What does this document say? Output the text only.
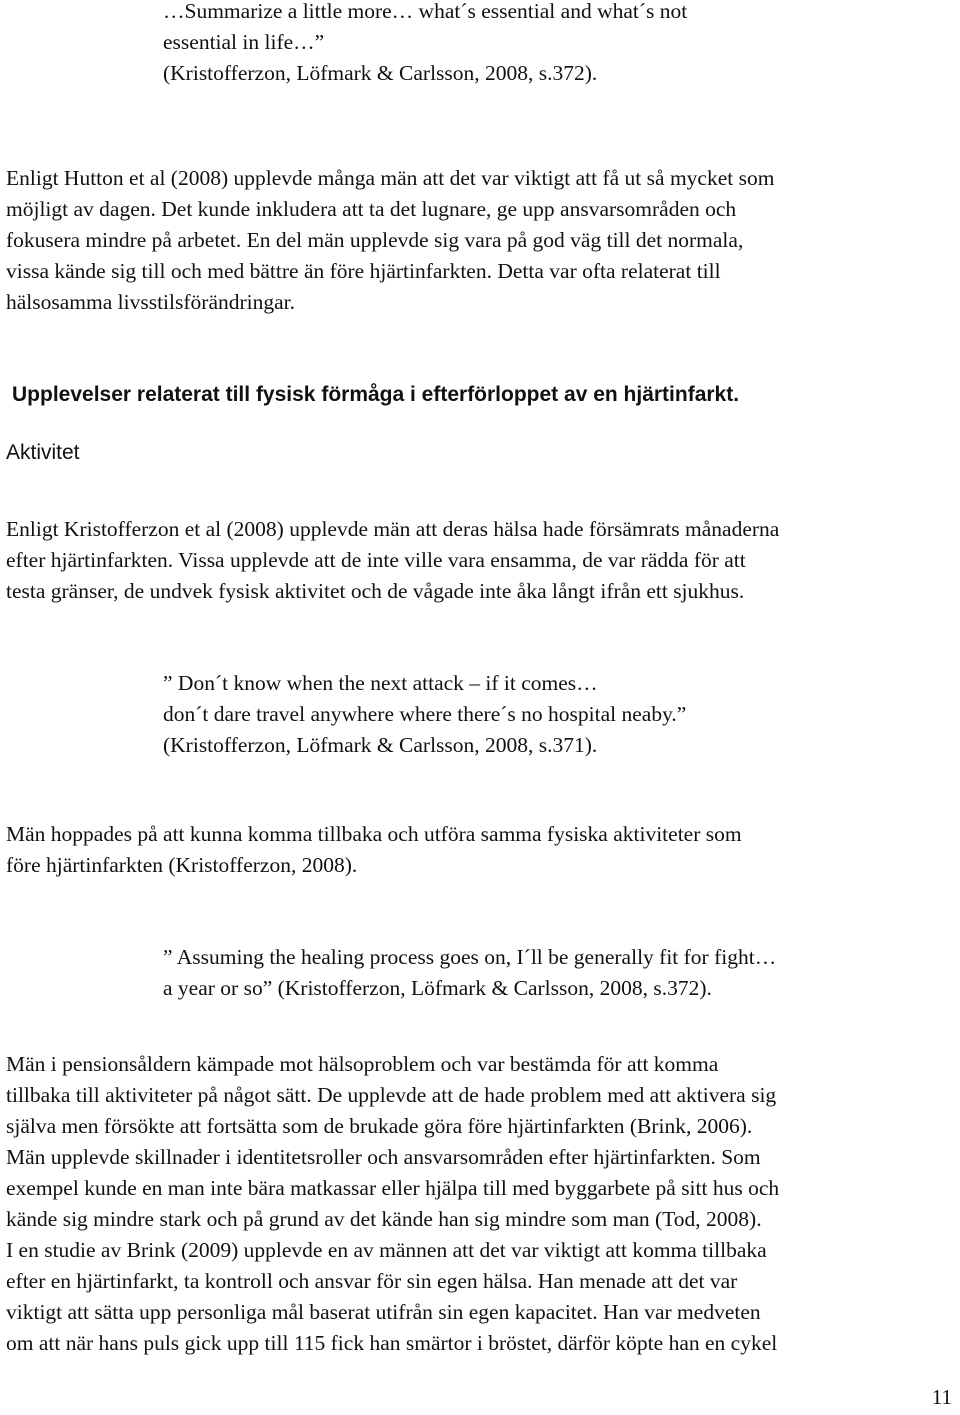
…Summarize a little more… what´s essential and what´s not
essential in life…”
(Kristofferzon, Löfmark & Carlsson, 2008, s.372).
Enligt Hutton et al (2008) upplevde många män att det var viktigt att få ut så mycket som
möjligt av dagen. Det kunde inkludera att ta det lugnare, ge upp ansvarsområden och
fokusera mindre på arbetet. En del män upplevde sig vara på god väg till det normala,
vissa kände sig till och med bättre än före hjärtinfarkten. Detta var ofta relaterat till
hälsosamma livsstilsförändringar.
Upplevelser relaterat till fysisk förmåga i efterförloppet av en hjärtinfarkt.
Aktivitet
Enligt Kristofferzon et al (2008) upplevde män att deras hälsa hade försämrats månaderna
efter hjärtinfarkten. Vissa upplevde att de inte ville vara ensamma, de var rädda för att
testa gränser, de undvek fysisk aktivitet och de vågade inte åka långt ifrån ett sjukhus.
” Don´t know when the next attack – if it comes…
don´t dare travel anywhere where there´s no hospital neaby.”
(Kristofferzon, Löfmark & Carlsson, 2008, s.371).
Män hoppades på att kunna komma tillbaka och utföra samma fysiska aktiviteter som
före hjärtinfarkten (Kristofferzon, 2008).
” Assuming the healing process goes on, I´ll be generally fit for fight…
a year or so” (Kristofferzon, Löfmark & Carlsson, 2008, s.372).
Män i pensionsåldern kämpade mot hälsoproblem och var bestämda för att komma
tillbaka till aktiviteter på något sätt. De upplevde att de hade problem med att aktivera sig
själva men försökte att fortsätta som de brukade göra före hjärtinfarkten (Brink, 2006).
Män upplevde skillnader i identitetsroller och ansvarsområden efter hjärtinfarkten. Som
exempel kunde en man inte bära matkassar eller hjälpa till med byggarbete på sitt hus och
kände sig mindre stark och på grund av det kände han sig mindre som man (Tod, 2008).
I en studie av Brink (2009) upplevde en av männen att det var viktigt att komma tillbaka
efter en hjärtinfarkt, ta kontroll och ansvar för sin egen hälsa. Han menade att det var
viktigt att sätta upp personliga mål baserat utifrån sin egen kapacitet. Han var medveten
om att när hans puls gick upp till 115 fick han smärtor i bröstet, därför köpte han en cykel
11
